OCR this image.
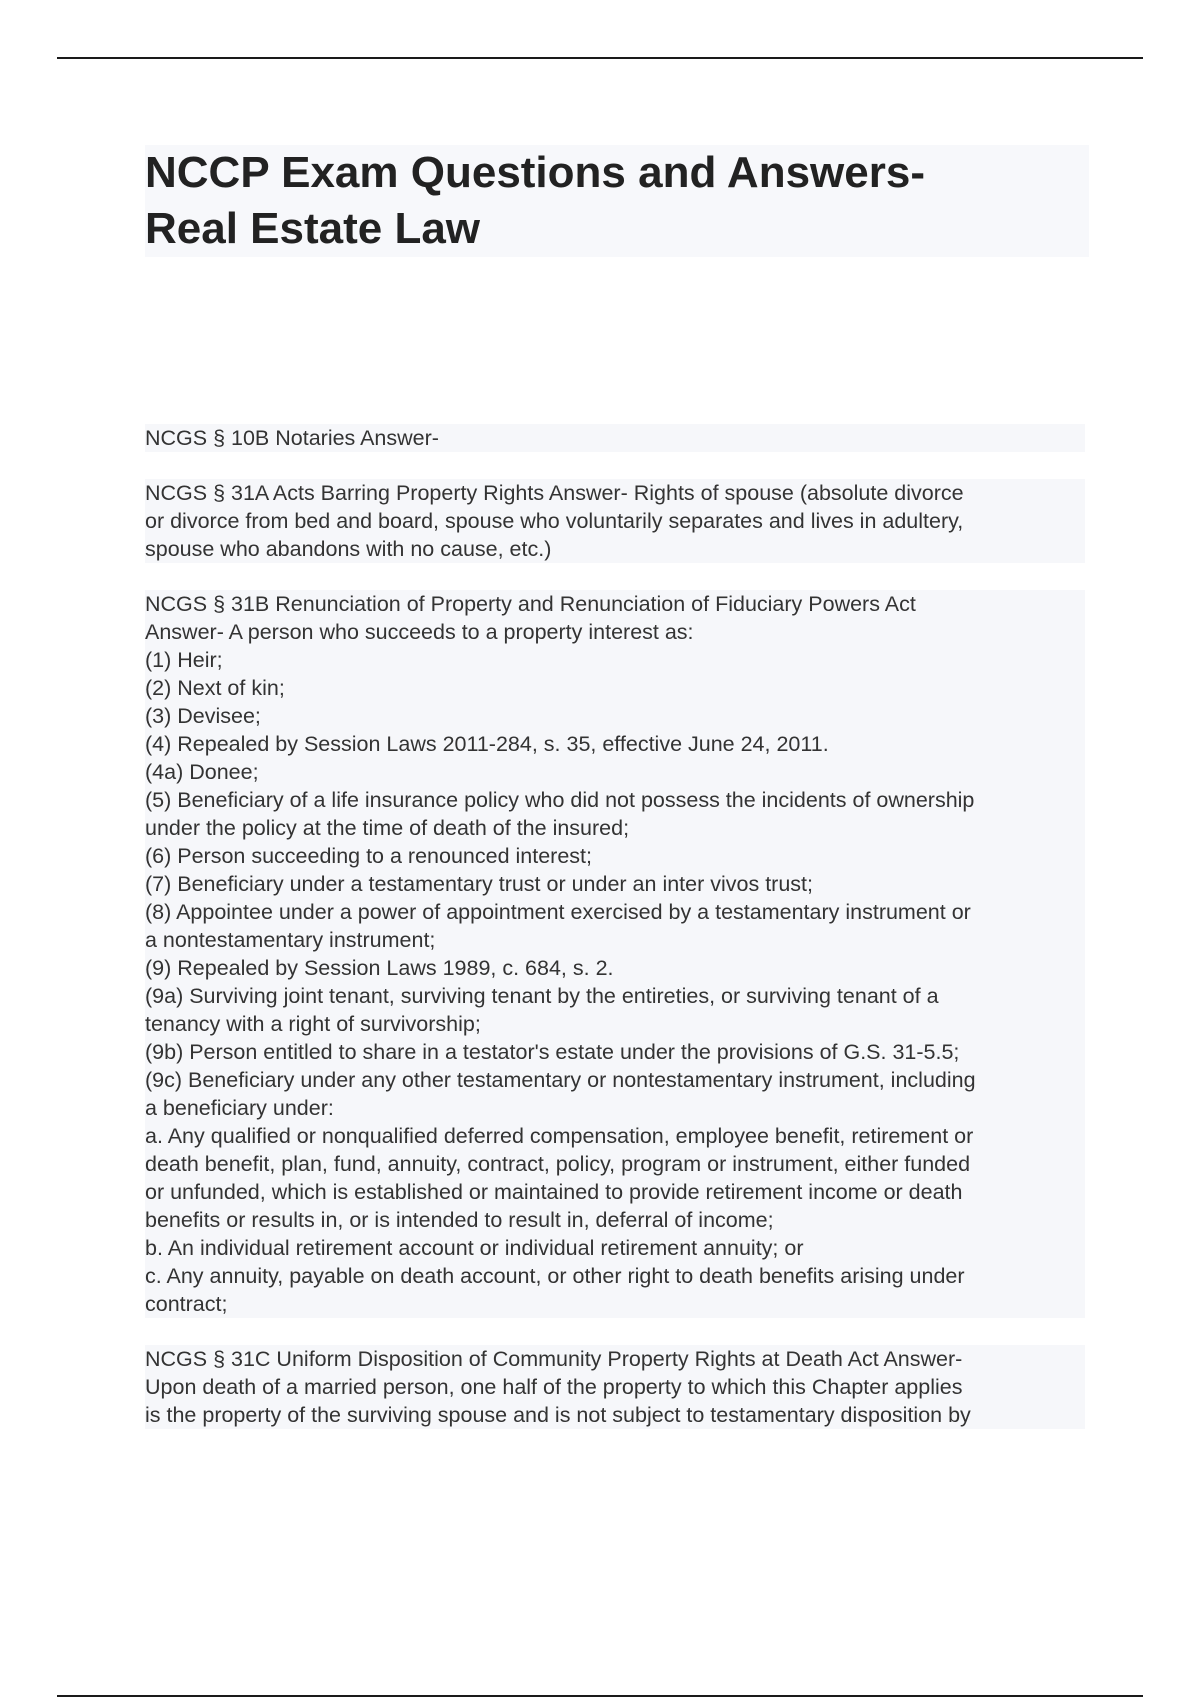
NCCP Exam Questions and Answers-
Real Estate Law

NCGS § 10B Notaries Answer-

NCGS § 31A Acts Barring Property Rights Answer- Rights of spouse (absolute divorce
or divorce from bed and board, spouse who voluntarily separates and lives in adultery,
spouse who abandons with no cause, etc.)

NCGS § 31B Renunciation of Property and Renunciation of Fiduciary Powers Act
Answer- A person who succeeds to a property interest as:
(1) Heir;
(2) Next of kin;
(3) Devisee;
(4) Repealed by Session Laws 2011-284, s. 35, effective June 24, 2011.
(4a) Donee;
(5) Beneficiary of a life insurance policy who did not possess the incidents of ownership
under the policy at the time of death of the insured;
(6) Person succeeding to a renounced interest;
(7) Beneficiary under a testamentary trust or under an inter vivos trust;
(8) Appointee under a power of appointment exercised by a testamentary instrument or
a nontestamentary instrument;
(9) Repealed by Session Laws 1989, c. 684, s. 2.
(9a) Surviving joint tenant, surviving tenant by the entireties, or surviving tenant of a
tenancy with a right of survivorship;
(9b) Person entitled to share in a testator's estate under the provisions of G.S. 31-5.5;
(9c) Beneficiary under any other testamentary or nontestamentary instrument, including
a beneficiary under:
a. Any qualified or nonqualified deferred compensation, employee benefit, retirement or
death benefit, plan, fund, annuity, contract, policy, program or instrument, either funded
or unfunded, which is established or maintained to provide retirement income or death
benefits or results in, or is intended to result in, deferral of income;
b. An individual retirement account or individual retirement annuity; or
c. Any annuity, payable on death account, or other right to death benefits arising under
contract;

NCGS § 31C Uniform Disposition of Community Property Rights at Death Act Answer-
Upon death of a married person, one half of the property to which this Chapter applies
is the property of the surviving spouse and is not subject to testamentary disposition by
